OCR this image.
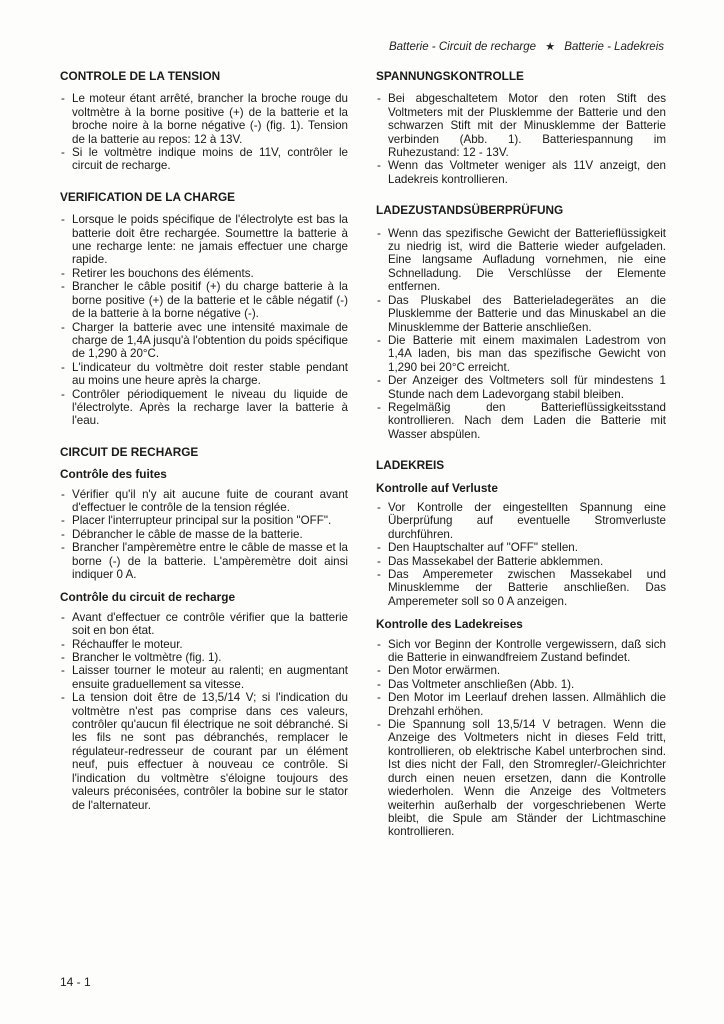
Batterie - Circuit de recharge ★ Batterie - Ladekreis
CONTROLE DE LA TENSION
- Le moteur étant arrêté, brancher la broche rouge du voltmètre à la borne positive (+) de la batterie et la broche noire à la borne négative (-) (fig. 1). Tension de la batterie au repos: 12 à 13V.
- Si le voltmètre indique moins de 11V, contrôler le circuit de recharge.
VERIFICATION DE LA CHARGE
- Lorsque le poids spécifique de l'électrolyte est bas la batterie doit être rechargée. Soumettre la batterie à une recharge lente: ne jamais effectuer une charge rapide.
- Retirer les bouchons des éléments.
- Brancher le câble positif (+) du charge batterie à la borne positive (+) de la batterie et le câble négatif (-) de la batterie à la borne négative (-).
- Charger la batterie avec une intensité maximale de charge de 1,4A jusqu'à l'obtention du poids spécifique de 1,290 à 20°C.
- L'indicateur du voltmètre doit rester stable pendant au moins une heure après la charge.
- Contrôler périodiquement le niveau du liquide de l'électrolyte. Après la recharge laver la batterie à l'eau.
CIRCUIT DE RECHARGE
Contrôle des fuites
- Vérifier qu'il n'y ait aucune fuite de courant avant d'effectuer le contrôle de la tension réglée.
- Placer l'interrupteur principal sur la position "OFF".
- Débrancher le câble de masse de la batterie.
- Brancher l'ampèremètre entre le câble de masse et la borne (-) de la batterie. L'ampèremètre doit ainsi indiquer 0 A.
Contrôle du circuit de recharge
- Avant d'effectuer ce contrôle vérifier que la batterie soit en bon état.
- Réchauffer le moteur.
- Brancher le voltmètre (fig. 1).
- Laisser tourner le moteur au ralenti; en augmentant ensuite graduellement sa vitesse.
- La tension doit être de 13,5/14 V; si l'indication du voltmètre n'est pas comprise dans ces valeurs, contrôler qu'aucun fil électrique ne soit débranché. Si les fils ne sont pas débranchés, remplacer le régulateur-redresseur de courant par un élément neuf, puis effectuer à nouveau ce contrôle. Si l'indication du voltmètre s'éloigne toujours des valeurs préconisées, contrôler la bobine sur le stator de l'alternateur.
SPANNUNGSKONTROLLE
- Bei abgeschaltetem Motor den roten Stift des Voltmeters mit der Plusklemme der Batterie und den schwarzen Stift mit der Minusklemme der Batterie verbinden (Abb. 1). Batteriespannung im Ruhezustand: 12 - 13V.
- Wenn das Voltmeter weniger als 11V anzeigt, den Ladekreis kontrollieren.
LADEZUSTANDSÜBERPRÜFUNG
- Wenn das spezifische Gewicht der Batterieflüssigkeit zu niedrig ist, wird die Batterie wieder aufgeladen. Eine langsame Aufladung vornehmen, nie eine Schnelladung. Die Verschlüsse der Elemente entfernen.
- Das Pluskabel des Batterieladegerätes an die Plusklemme der Batterie und das Minuskabel an die Minusklemme der Batterie anschließen.
- Die Batterie mit einem maximalen Ladestrom von 1,4A laden, bis man das spezifische Gewicht von 1,290 bei 20°C erreicht.
- Der Anzeiger des Voltmeters soll für mindestens 1 Stunde nach dem Ladevorgang stabil bleiben.
- Regelmäßig den Batterieflüssigkeitsstand kontrollieren. Nach dem Laden die Batterie mit Wasser abspülen.
LADEKREIS
Kontrolle auf Verluste
- Vor Kontrolle der eingestellten Spannung eine Überprüfung auf eventuelle Stromverluste durchführen.
- Den Hauptschalter auf "OFF" stellen.
- Das Massekabel der Batterie abklemmen.
- Das Amperemeter zwischen Massekabel und Minusklemme der Batterie anschließen. Das Amperemeter soll so 0 A anzeigen.
Kontrolle des Ladekreises
- Sich vor Beginn der Kontrolle vergewissern, daß sich die Batterie in einwandfreiem Zustand befindet.
- Den Motor erwärmen.
- Das Voltmeter anschließen (Abb. 1).
- Den Motor im Leerlauf drehen lassen. Allmählich die Drehzahl erhöhen.
- Die Spannung soll 13,5/14 V betragen. Wenn die Anzeige des Voltmeters nicht in dieses Feld tritt, kontrollieren, ob elektrische Kabel unterbrochen sind. Ist dies nicht der Fall, den Stromregler/-Gleichrichter durch einen neuen ersetzen, dann die Kontrolle wiederholen. Wenn die Anzeige des Voltmeters weiterhin außerhalb der vorgeschriebenen Werte bleibt, die Spule am Ständer der Lichtmaschine kontrollieren.
14 - 1
